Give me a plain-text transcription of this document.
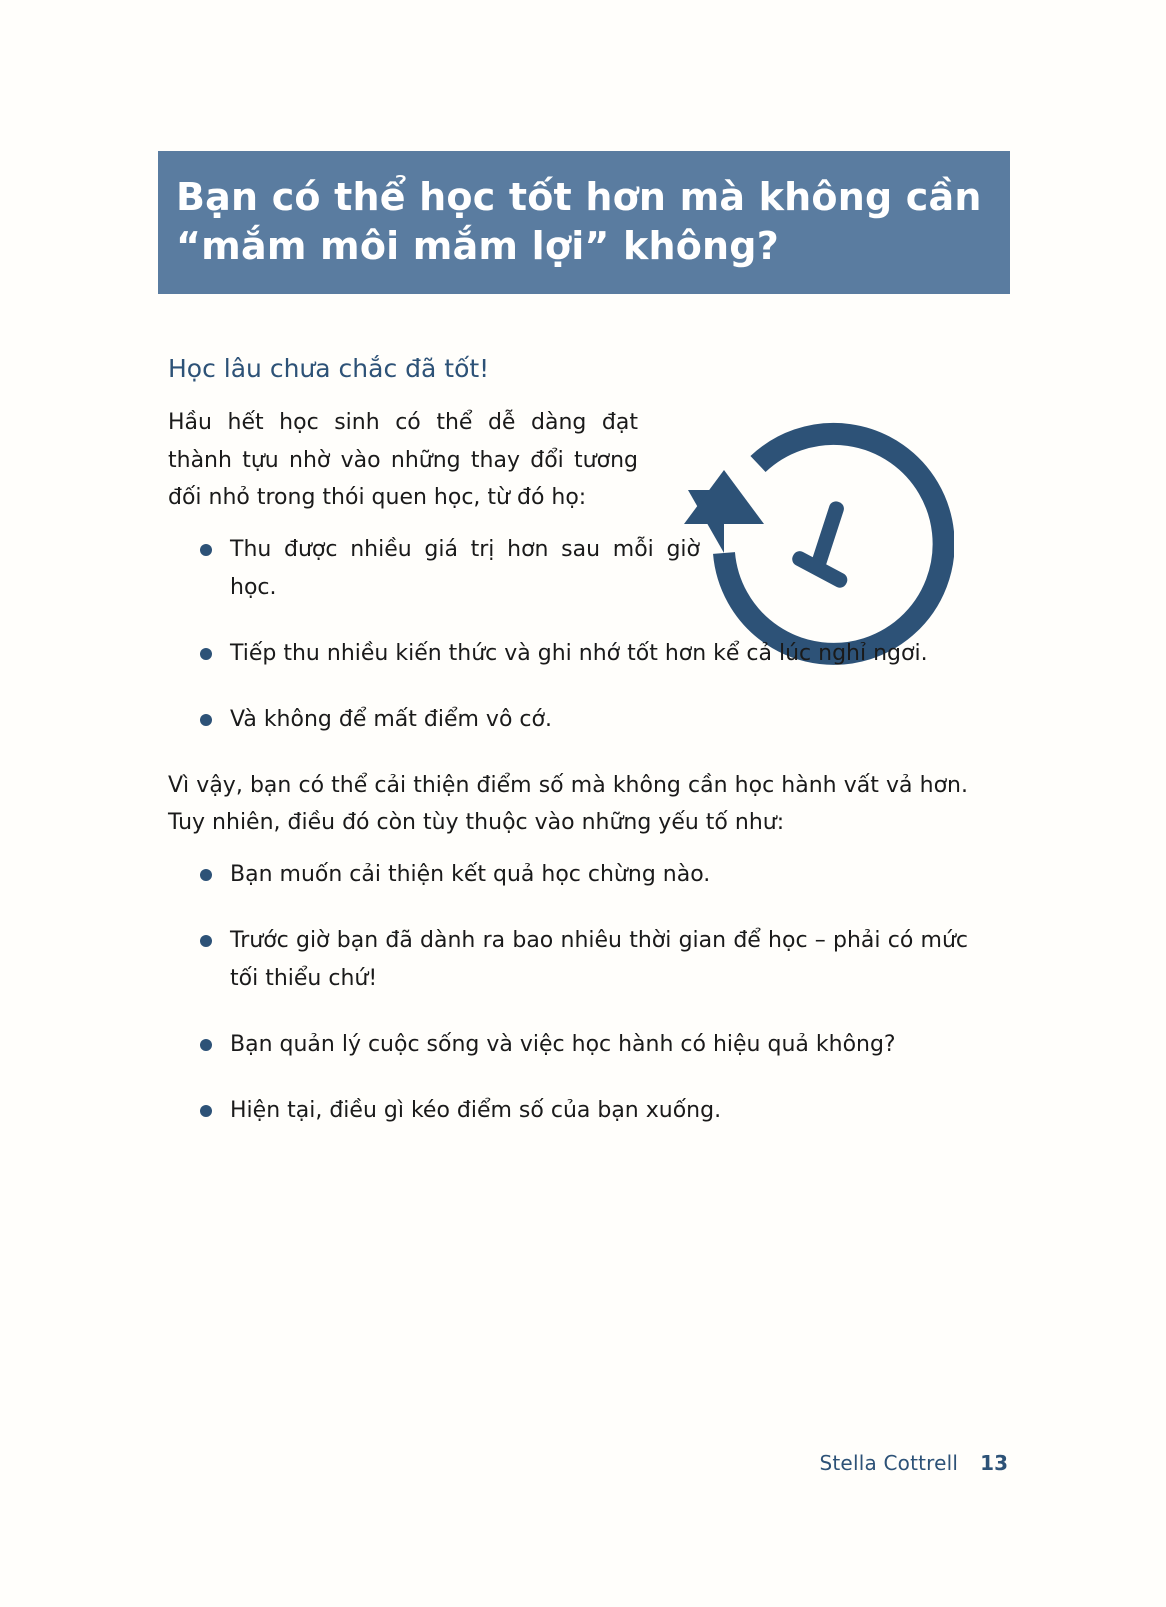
Bạn có thể học tốt hơn mà không cần “mắm môi mắm lợi” không?
Học lâu chưa chắc đã tốt!

Hầu hết học sinh có thể dễ dàng đạt thành tựu nhờ vào những thay đổi tương đối nhỏ trong thói quen học, từ đó họ:

Thu được nhiều giá trị hơn sau mỗi giờ học.
Tiếp thu nhiều kiến thức và ghi nhớ tốt hơn kể cả lúc nghỉ ngơi.
Và không để mất điểm vô cớ.

Vì vậy, bạn có thể cải thiện điểm số mà không cần học hành vất vả hơn. Tuy nhiên, điều đó còn tùy thuộc vào những yếu tố như:

Bạn muốn cải thiện kết quả học chừng nào.
Trước giờ bạn đã dành ra bao nhiêu thời gian để học – phải có mức tối thiểu chứ!
Bạn quản lý cuộc sống và việc học hành có hiệu quả không?
Hiện tại, điều gì kéo điểm số của bạn xuống.
Stella Cottrell 13
